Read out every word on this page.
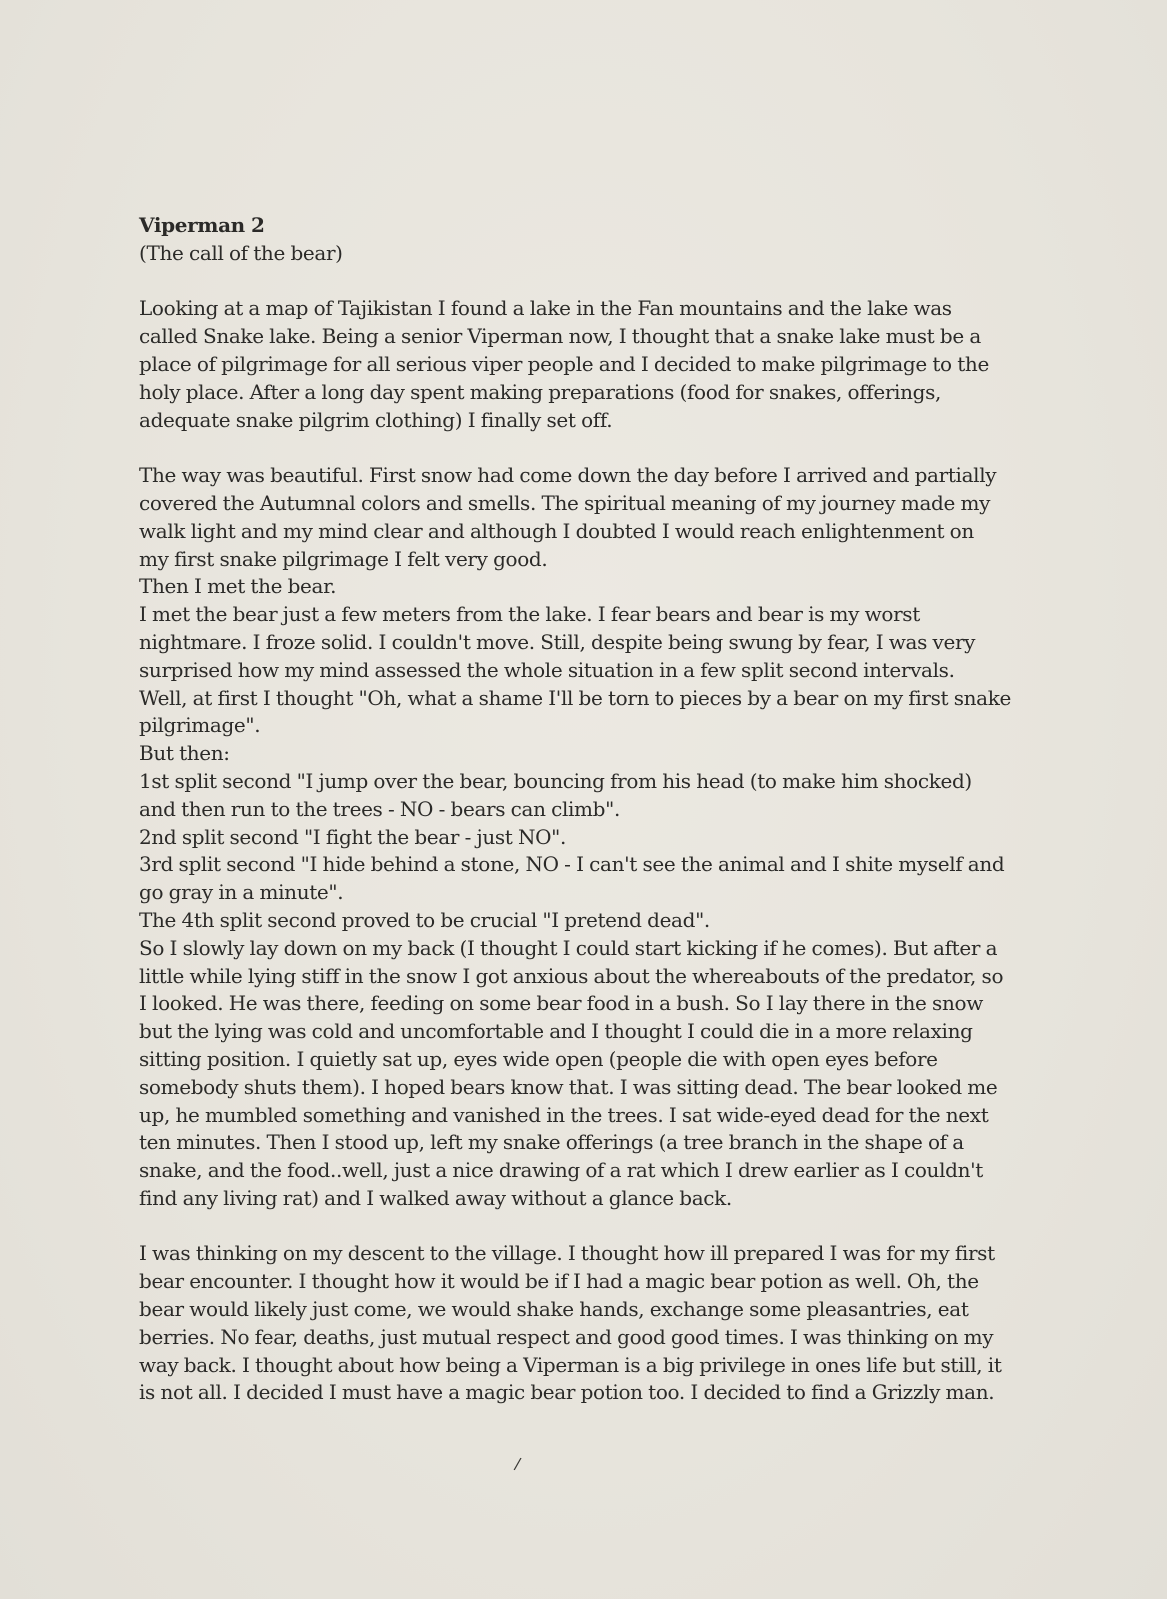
Viperman 2

(The call of the bear)

Looking at a map of Tajikistan I found a lake in the Fan mountains and the lake was
called Snake lake. Being a senior Viperman now, I thought that a snake lake must be a
place of pilgrimage for all serious viper people and I decided to make pilgrimage to the
holy place. After a long day spent making preparations (food for snakes, offerings,
adequate snake pilgrim clothing) I finally set off.
The way was beautiful. First snow had come down the day before I arrived and partially
covered the Autumnal colors and smells. The spiritual meaning of my journey made my
walk light and my mind clear and although I doubted I would reach enlightenment on
my first snake pilgrimage I felt very good.
Then I met the bear.
I met the bear just a few meters from the lake. I fear bears and bear is my worst
nightmare. I froze solid. I couldn't move. Still, despite being swung by fear, I was very
surprised how my mind assessed the whole situation in a few split second intervals.
Well, at first I thought "Oh, what a shame I'll be torn to pieces by a bear on my first snake
pilgrimage".
But then:
1st split second "I jump over the bear, bouncing from his head (to make him shocked)
and then run to the trees - NO - bears can climb".
2nd split second "I fight the bear - just NO".
3rd split second "I hide behind a stone, NO - I can't see the animal and I shite myself and
go gray in a minute".
The 4th split second proved to be crucial "I pretend dead".
So I slowly lay down on my back (I thought I could start kicking if he comes). But after a
little while lying stiff in the snow I got anxious about the whereabouts of the predator, so
I looked. He was there, feeding on some bear food in a bush. So I lay there in the snow
but the lying was cold and uncomfortable and I thought I could die in a more relaxing
sitting position. I quietly sat up, eyes wide open (people die with open eyes before
somebody shuts them). I hoped bears know that. I was sitting dead. The bear looked me
up, he mumbled something and vanished in the trees. I sat wide-eyed dead for the next
ten minutes. Then I stood up, left my snake offerings (a tree branch in the shape of a
snake, and the food..well, just a nice drawing of a rat which I drew earlier as I couldn't
find any living rat) and I walked away without a glance back.
I was thinking on my descent to the village. I thought how ill prepared I was for my first
bear encounter. I thought how it would be if I had a magic bear potion as well. Oh, the
bear would likely just come, we would shake hands, exchange some pleasantries, eat
berries. No fear, deaths, just mutual respect and good good times. I was thinking on my
way back. I thought about how being a Viperman is a big privilege in ones life but still, it
is not all. I decided I must have a magic bear potion too. I decided to find a Grizzly man.
/
